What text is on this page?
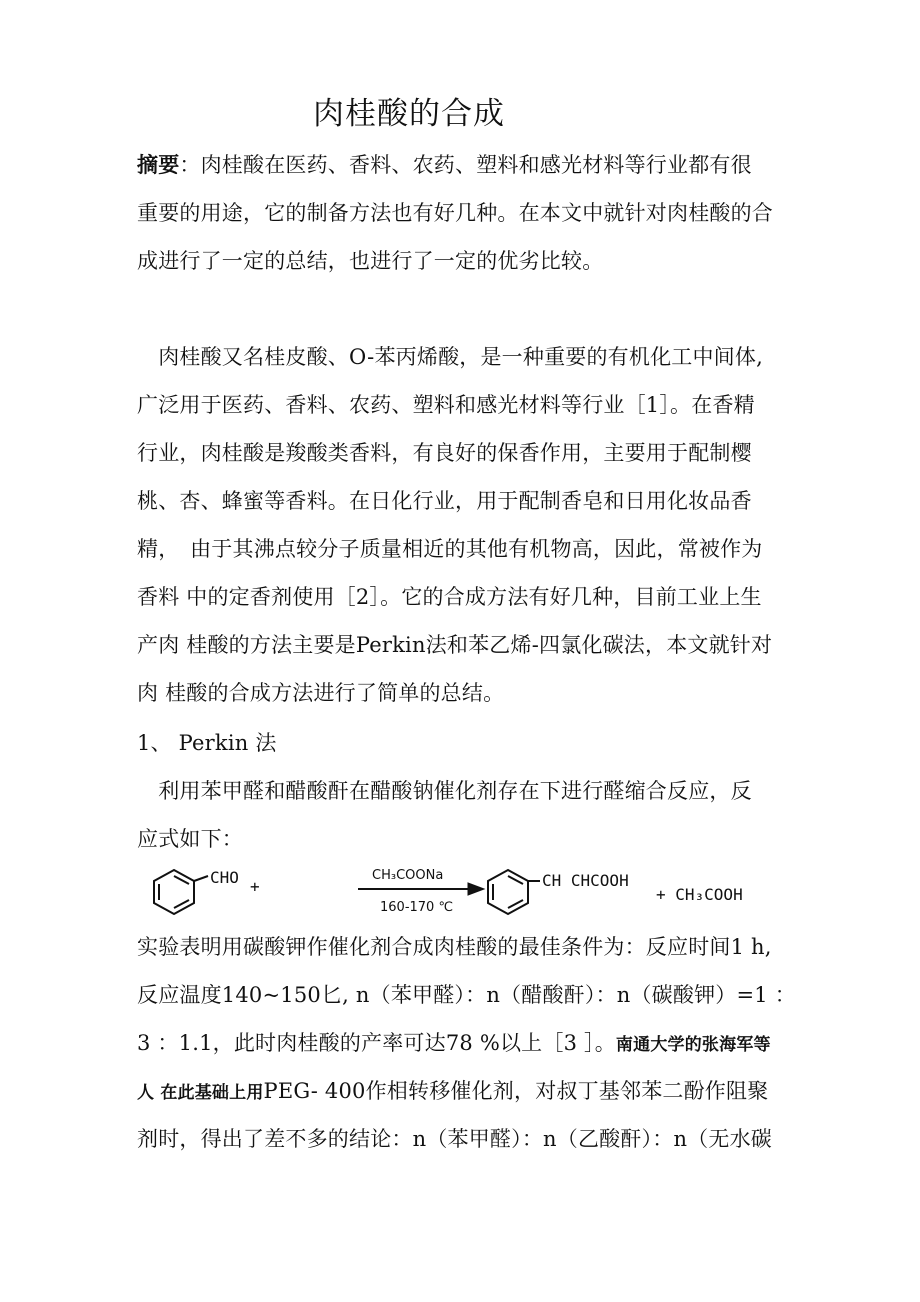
肉桂酸的合成
摘要：肉桂酸在医药、香料、农药、塑料和感光材料等行业都有很
重要的用途，它的制备方法也有好几种。在本文中就针对肉桂酸的合
成进行了一定的总结，也进行了一定的优劣比较。
　肉桂酸又名桂皮酸、O-苯丙烯酸，是一种重要的有机化工中间体,
广泛用于医药、香料、农药、塑料和感光材料等行业［1］。在香精
行业，肉桂酸是羧酸类香料，有良好的保香作用，主要用于配制樱
桃、杏、蜂蜜等香料。在日化行业，用于配制香皂和日用化妆品香
精，　由于其沸点较分子质量相近的其他有机物高，因此，常被作为
香料 中的定香剂使用［2］。它的合成方法有好几种，目前工业上生
产肉 桂酸的方法主要是Perkin法和苯乙烯-四氯化碳法，本文就针对
肉 桂酸的合成方法进行了简单的总结。
1、 Perkin 法
　利用苯甲醛和醋酸酐在醋酸钠催化剂存在下进行醛缩合反应，反
应式如下：
CHO +
CH₃COONa
160-170 ℃
CH CHCOOH
+ CH₃COOH
实验表明用碳酸钾作催化剂合成肉桂酸的最佳条件为：反应时间1 h,
反应温度140~150匕, n（苯甲醛）：n（醋酸酐）：n（碳酸钾）=1 ：
3 ：1.1，此时肉桂酸的产率可达78 %以上［3 ］。南通大学的张海军等
人 在此基础上用PEG- 400作相转移催化剂，对叔丁基邻苯二酚作阻聚
剂时，得出了差不多的结论：n（苯甲醛）：n（乙酸酐）：n（无水碳
